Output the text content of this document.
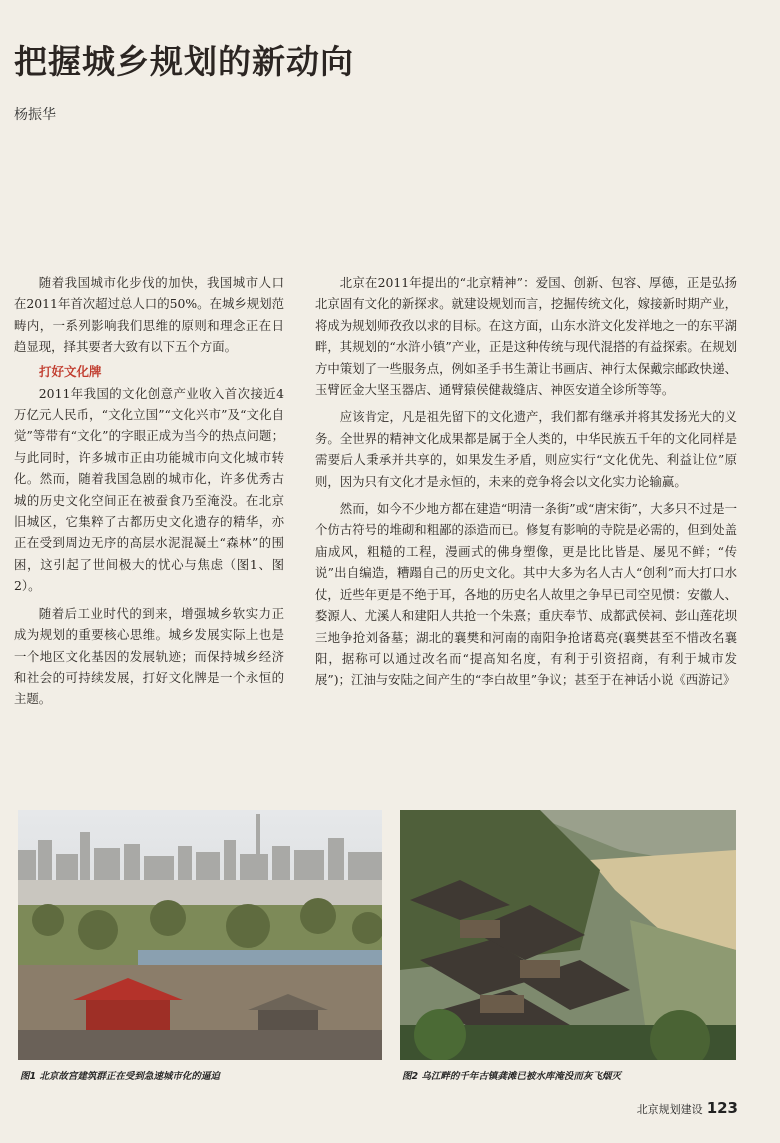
把握城乡规划的新动向
杨振华

随着我国城市化步伐的加快，我国城市人口在2011年首次超过总人口的50%。在城乡规划范畴内，一系列影响我们思维的原则和理念正在日趋显现，择其要者大致有以下五个方面。

打好文化牌

2011年我国的文化创意产业收入首次接近4万亿元人民币，“文化立国”“文化兴市”及“文化自觉”等带有“文化”的字眼正成为当今的热点问题；与此同时，许多城市正由功能城市向文化城市转化。然而，随着我国急剧的城市化，许多优秀古城的历史文化空间正在被蚕食乃至淹没。在北京旧城区，它集粹了古都历史文化遗存的精华，亦正在受到周边无序的高层水泥混凝土“森林”的围困，这引起了世间极大的忧心与焦虑（图1、图2）。

随着后工业时代的到来，增强城乡软实力正成为规划的重要核心思维。城乡发展实际上也是一个地区文化基因的发展轨迹；而保持城乡经济和社会的可持续发展，打好文化牌是一个永恒的主题。

北京在2011年提出的“北京精神”：爱国、创新、包容、厚德，正是弘扬北京固有文化的新探求。就建设规划而言，挖掘传统文化，嫁接新时期产业，将成为规划师孜孜以求的目标。在这方面，山东水浒文化发祥地之一的东平湖畔，其规划的“水浒小镇”产业，正是这种传统与现代混搭的有益探索。在规划方中策划了一些服务点，例如圣手书生萧让书画店、神行太保戴宗邮政快递、玉臂匠金大坚玉器店、通臂猿侯健裁缝店、神医安道全诊所等等。

应该肯定，凡是祖先留下的文化遗产，我们都有继承并将其发扬光大的义务。全世界的精神文化成果都是属于全人类的，中华民族五千年的文化同样是需要后人秉承并共享的，如果发生矛盾，则应实行“文化优先、利益让位”原则，因为只有文化才是永恒的，未来的竞争将会以文化实力论输赢。

然而，如今不少地方都在建造“明清一条街”或“唐宋街”，大多只不过是一个仿古符号的堆砌和粗鄙的添造而已。修复有影响的寺院是必需的，但到处盖庙成风，粗糙的工程，漫画式的佛身塑像，更是比比皆是、屡见不鲜；“传说”出自编造，糟蹋自己的历史文化。其中大多为名人古人“创利”而大打口水仗，近些年更是不绝于耳，各地的历史名人故里之争早已司空见惯：安徽人、婺源人、尤溪人和建阳人共抢一个朱熹；重庆奉节、成都武侯祠、彭山莲花坝三地争抢刘备墓；湖北的襄樊和河南的南阳争抢诸葛亮(襄樊甚至不惜改名襄阳，据称可以通过改名而“提高知名度，有利于引资招商，有利于城市发展”)；江油与安陆之间产生的“李白故里”争议；甚至于在神话小说《西游记》

图1 北京故宫建筑群正在受到急速城市化的逼迫	图2 乌江畔的千年古镇龚滩已被水库淹没而灰飞烟灭
北京规划建设 123
